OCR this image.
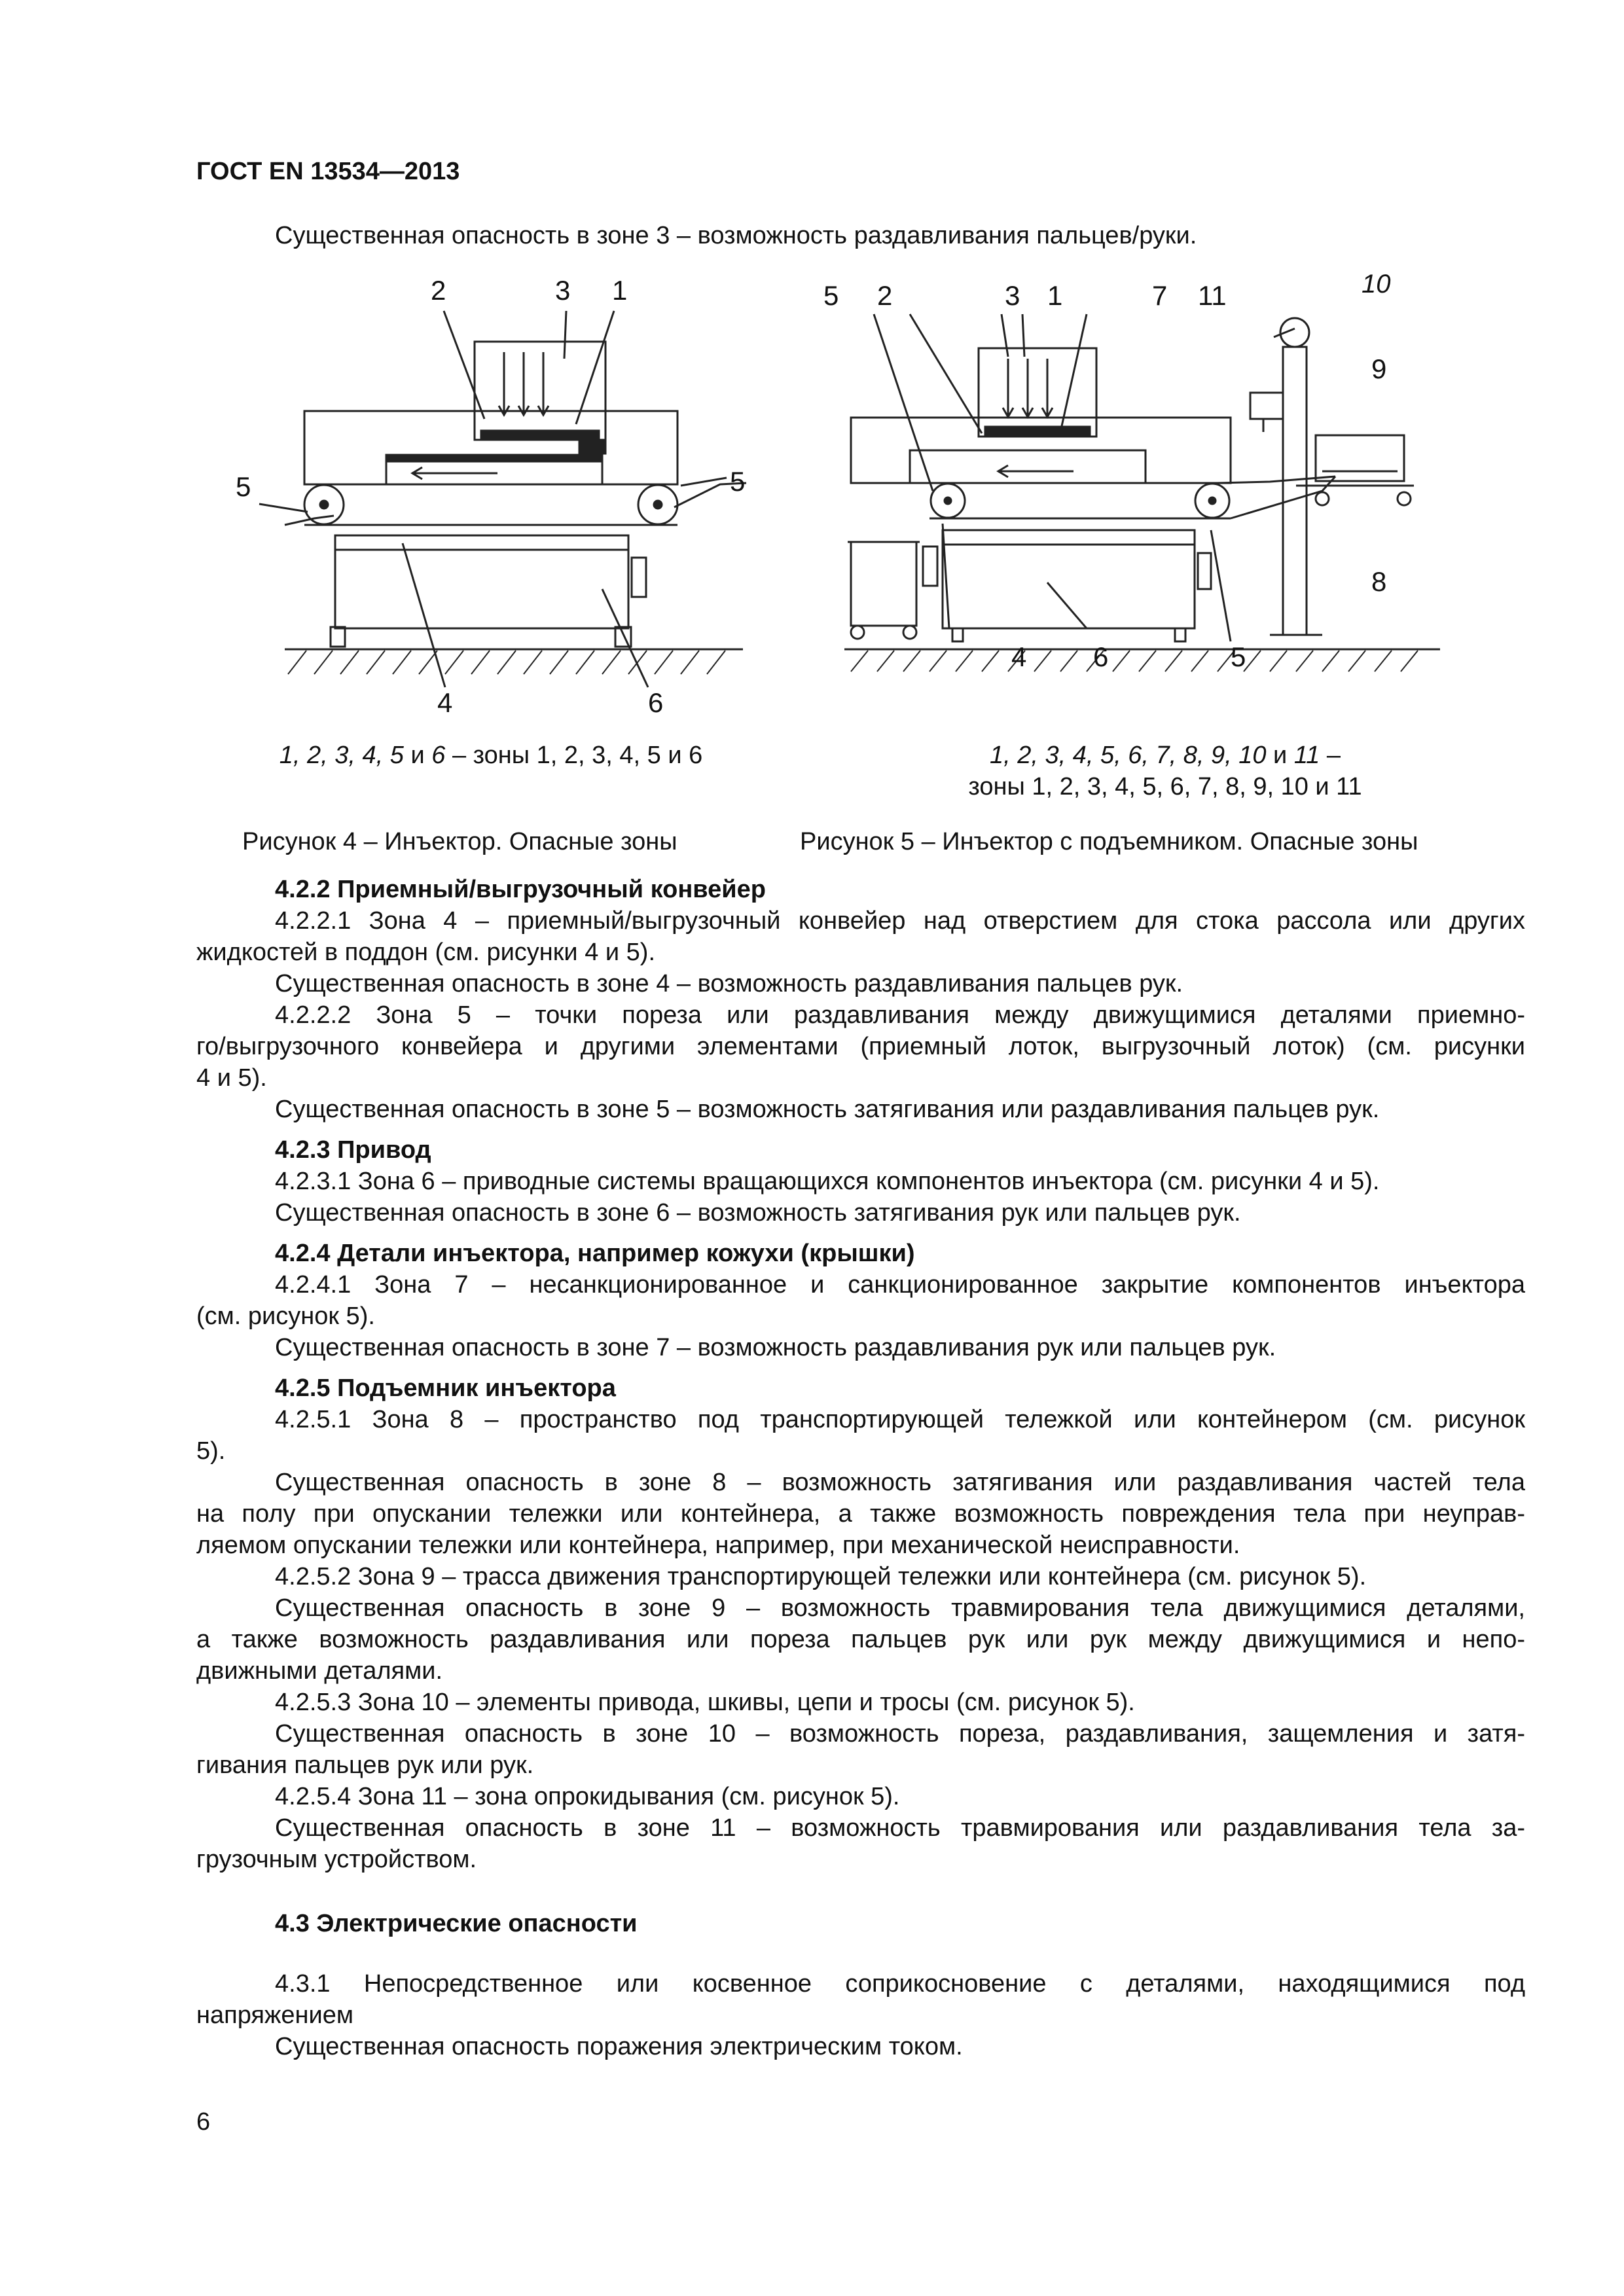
ГОСТ EN 13534—2013
Существенная опасность в зоне 3 – возможность раздавливания пальцев/руки.
2	3 1
5	5
4	6
5 2	3 1	7 11	10
9
8
4 6	5
1, 2, 3, 4, 5 и 6 – зоны 1, 2, 3, 4, 5 и 6	1, 2, 3, 4, 5, 6, 7, 8, 9, 10 и 11 –
зоны 1, 2, 3, 4, 5, 6, 7, 8, 9, 10 и 11
Рисунок 4 – Инъектор. Опасные зоны	Рисунок 5 – Инъектор с подъемником. Опасные зоны
4.2.2 Приемный/выгрузочный конвейер

4.2.2.1 Зона 4 – приемный/выгрузочный конвейер над отверстием для стока рассола или других

жидкостей в поддон (см. рисунки 4 и 5).

Существенная опасность в зоне 4 – возможность раздавливания пальцев рук.

4.2.2.2 Зона 5 – точки пореза или раздавливания между движущимися деталями приемно-

го/выгрузочного конвейера и другими элементами (приемный лоток, выгрузочный лоток) (см. рисунки

4 и 5).

Существенная опасность в зоне 5 – возможность затягивания или раздавливания пальцев рук.

4.2.3 Привод

4.2.3.1 Зона 6 – приводные системы вращающихся компонентов инъектора (см. рисунки 4 и 5).

Существенная опасность в зоне 6 – возможность затягивания рук или пальцев рук.

4.2.4 Детали инъектора, например кожухи (крышки)

4.2.4.1 Зона 7 – несанкционированное и санкционированное закрытие компонентов инъектора

(см. рисунок 5).

Существенная опасность в зоне 7 – возможность раздавливания рук или пальцев рук.

4.2.5 Подъемник инъектора

4.2.5.1 Зона 8 – пространство под транспортирующей тележкой или контейнером (см. рисунок

5).

Существенная опасность в зоне 8 – возможность затягивания или раздавливания частей тела

на полу при опускании тележки или контейнера, а также возможность повреждения тела при неуправ-

ляемом опускании тележки или контейнера, например, при механической неисправности.

4.2.5.2 Зона 9 – трасса движения транспортирующей тележки или контейнера (см. рисунок 5).

Существенная опасность в зоне 9 – возможность травмирования тела движущимися деталями,

а также возможность раздавливания или пореза пальцев рук или рук между движущимися и непо-

движными деталями.

4.2.5.3 Зона 10 – элементы привода, шкивы, цепи и тросы (см. рисунок 5).

Существенная опасность в зоне 10 – возможность пореза, раздавливания, защемления и затя-

гивания пальцев рук или рук.

4.2.5.4 Зона 11 – зона опрокидывания (см. рисунок 5).

Существенная опасность в зоне 11 – возможность травмирования или раздавливания тела за-

грузочным устройством.

4.3 Электрические опасности

4.3.1 Непосредственное или косвенное соприкосновение с деталями, находящимися под

напряжением

Существенная опасность поражения электрическим током.

6
